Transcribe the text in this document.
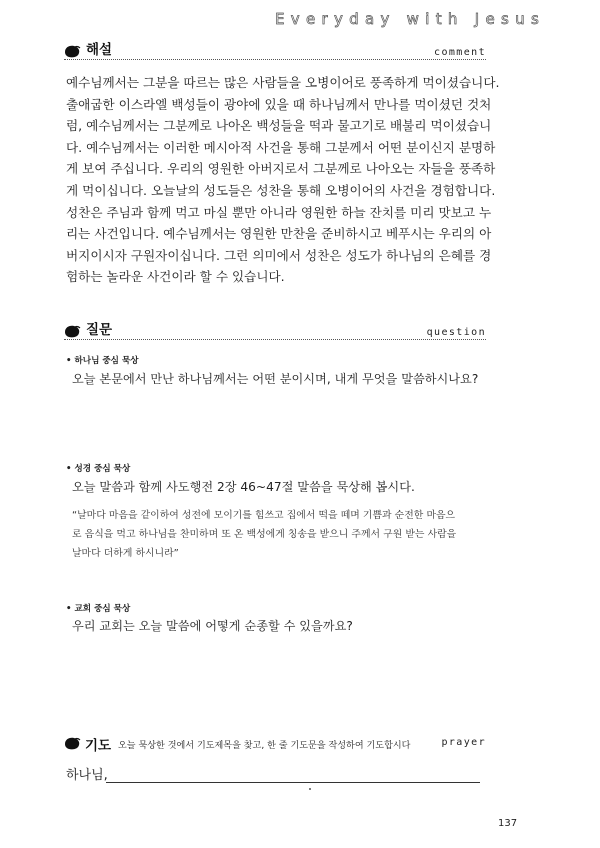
Everyday with Jesus
해설	comment
예수님께서는 그분을 따르는 많은 사람들을 오병이어로 풍족하게 먹이셨습니다.
출애굽한 이스라엘 백성들이 광야에 있을 때 하나님께서 만나를 먹이셨던 것처
럼, 예수님께서는 그분께로 나아온 백성들을 떡과 물고기로 배불리 먹이셨습니
다. 예수님께서는 이러한 메시아적 사건을 통해 그분께서 어떤 분이신지 분명하
게 보여 주십니다. 우리의 영원한 아버지로서 그분께로 나아오는 자들을 풍족하
게 먹이십니다. 오늘날의 성도들은 성찬을 통해 오병이어의 사건을 경험합니다.
성찬은 주님과 함께 먹고 마실 뿐만 아니라 영원한 하늘 잔치를 미리 맛보고 누
리는 사건입니다. 예수님께서는 영원한 만찬을 준비하시고 베푸시는 우리의 아
버지이시자 구원자이십니다. 그런 의미에서 성찬은 성도가 하나님의 은혜를 경
험하는 놀라운 사건이라 할 수 있습니다.
질문	question
• 하나님 중심 묵상
오늘 본문에서 만난 하나님께서는 어떤 분이시며, 내게 무엇을 말씀하시나요?
• 성경 중심 묵상
오늘 말씀과 함께 사도행전 2장 46~47절 말씀을 묵상해 봅시다.
“날마다 마음을 같이하여 성전에 모이기를 힘쓰고 집에서 떡을 떼며 기쁨과 순전한 마음으
로 음식을 먹고 하나님을 찬미하며 또 온 백성에게 칭송을 받으니 주께서 구원 받는 사람을
날마다 더하게 하시니라”
• 교회 중심 묵상
우리 교회는 오늘 말씀에 어떻게 순종할 수 있을까요?
기도 오늘 묵상한 것에서 기도제목을 찾고, 한 줄 기도문을 작성하여 기도합시다	prayer
하나님,
137
